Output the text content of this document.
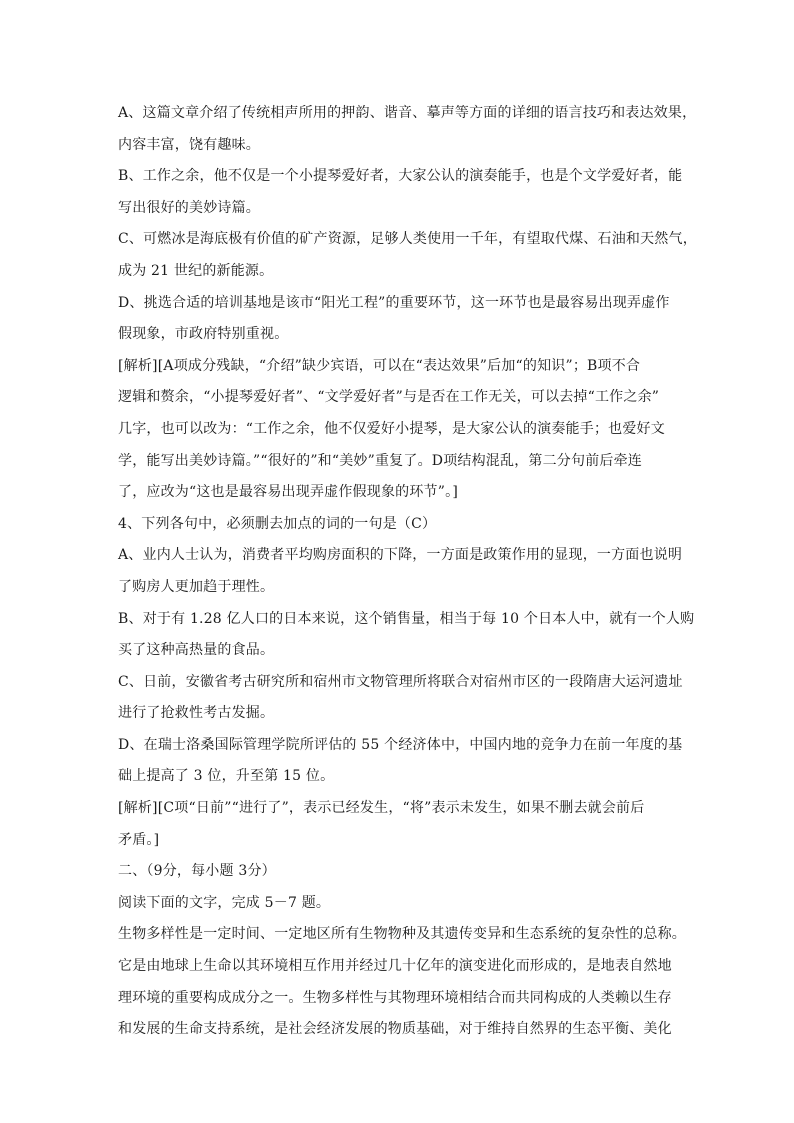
A、这篇文章介绍了传统相声所用的押韵、谐音、摹声等方面的详细的语言技巧和表达效果，
内容丰富，饶有趣味。
B、工作之余，他不仅是一个小提琴爱好者，大家公认的演奏能手，也是个文学爱好者，能
写出很好的美妙诗篇。
C、可燃冰是海底极有价值的矿产资源，足够人类使用一千年，有望取代煤、石油和天然气，
成为 21 世纪的新能源。
D、挑选合适的培训基地是该市“阳光工程”的重要环节，这一环节也是最容易出现弄虚作
假现象，市政府特别重视。
[解析][A项成分残缺，“介绍”缺少宾语，可以在“表达效果”后加“的知识”；B项不合
逻辑和赘余，“小提琴爱好者”、“文学爱好者”与是否在工作无关，可以去掉“工作之余”
几字，也可以改为：“工作之余，他不仅爱好小提琴，是大家公认的演奏能手；也爱好文
学，能写出美妙诗篇。”“很好的”和“美妙”重复了。D项结构混乱，第二分句前后牵连
了，应改为“这也是最容易出现弄虚作假现象的环节”。]
4、下列各句中，必须删去加点的词的一句是（C）
A、业内人士认为，消费者平均购房面积的下降，一方面是政策作用的显现，一方面也说明
了购房人更加趋于理性。
B、对于有 1.28 亿人口的日本来说，这个销售量，相当于每 10 个日本人中，就有一个人购
买了这种高热量的食品。
C、日前，安徽省考古研究所和宿州市文物管理所将联合对宿州市区的一段隋唐大运河遗址
进行了抢救性考古发掘。
D、在瑞士洛桑国际管理学院所评估的 55 个经济体中，中国内地的竞争力在前一年度的基
础上提高了 3 位，升至第 15 位。
[解析][C项“日前”“进行了”，表示已经发生，“将”表示未发生，如果不删去就会前后
矛盾。]
二、（9分，每小题 3分）
阅读下面的文字，完成 5－7 题。
生物多样性是一定时间、一定地区所有生物物种及其遗传变异和生态系统的复杂性的总称。
它是由地球上生命以其环境相互作用并经过几十亿年的演变进化而形成的，是地表自然地
理环境的重要构成成分之一。生物多样性与其物理环境相结合而共同构成的人类赖以生存
和发展的生命支持系统，是社会经济发展的物质基础，对于维持自然界的生态平衡、美化
